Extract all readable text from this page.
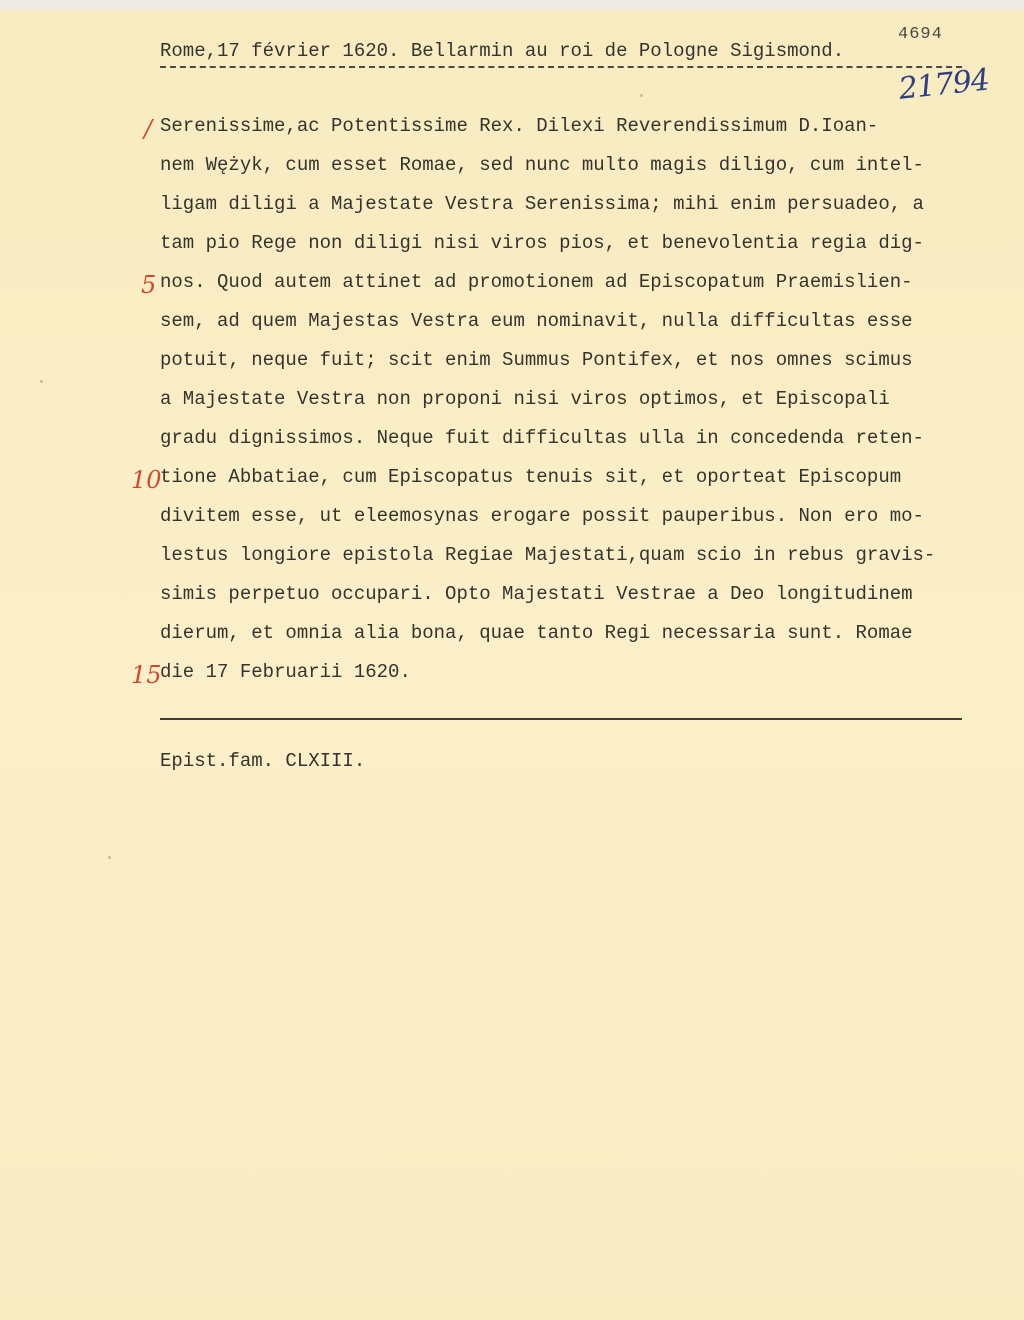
4694
Rome,17 février 1620. Bellarmin au roi de Pologne Sigismond.
21794
Serenissime,ac Potentissime Rex. Dilexi Reverendissimum D.Ioan-
nem Wężyk, cum esset Romae, sed nunc multo magis diligo, cum intel-
ligam diligi a Majestate Vestra Serenissima; mihi enim persuadeo, a
tam pio Rege non diligi nisi viros pios, et benevolentia regia dig-
nos. Quod autem attinet ad promotionem ad Episcopatum Praemislien-
sem, ad quem Majestas Vestra eum nominavit, nulla difficultas esse
potuit, neque fuit; scit enim Summus Pontifex, et nos omnes scimus
a Majestate Vestra non proponi nisi viros optimos, et Episcopali
gradu dignissimos. Neque fuit difficultas ulla in concedenda reten-
tione Abbatiae, cum Episcopatus tenuis sit, et oporteat Episcopum
divitem esse, ut eleemosynas erogare possit pauperibus. Non ero mo-
lestus longiore epistola Regiae Majestati,quam scio in rebus gravis-
simis perpetuo occupari. Opto Majestati Vestrae a Deo longitudinem
dierum, et omnia alia bona, quae tanto Regi necessaria sunt. Romae
die 17 Februarii 1620.
/
5
10
15
Epist.fam. CLXIII.
